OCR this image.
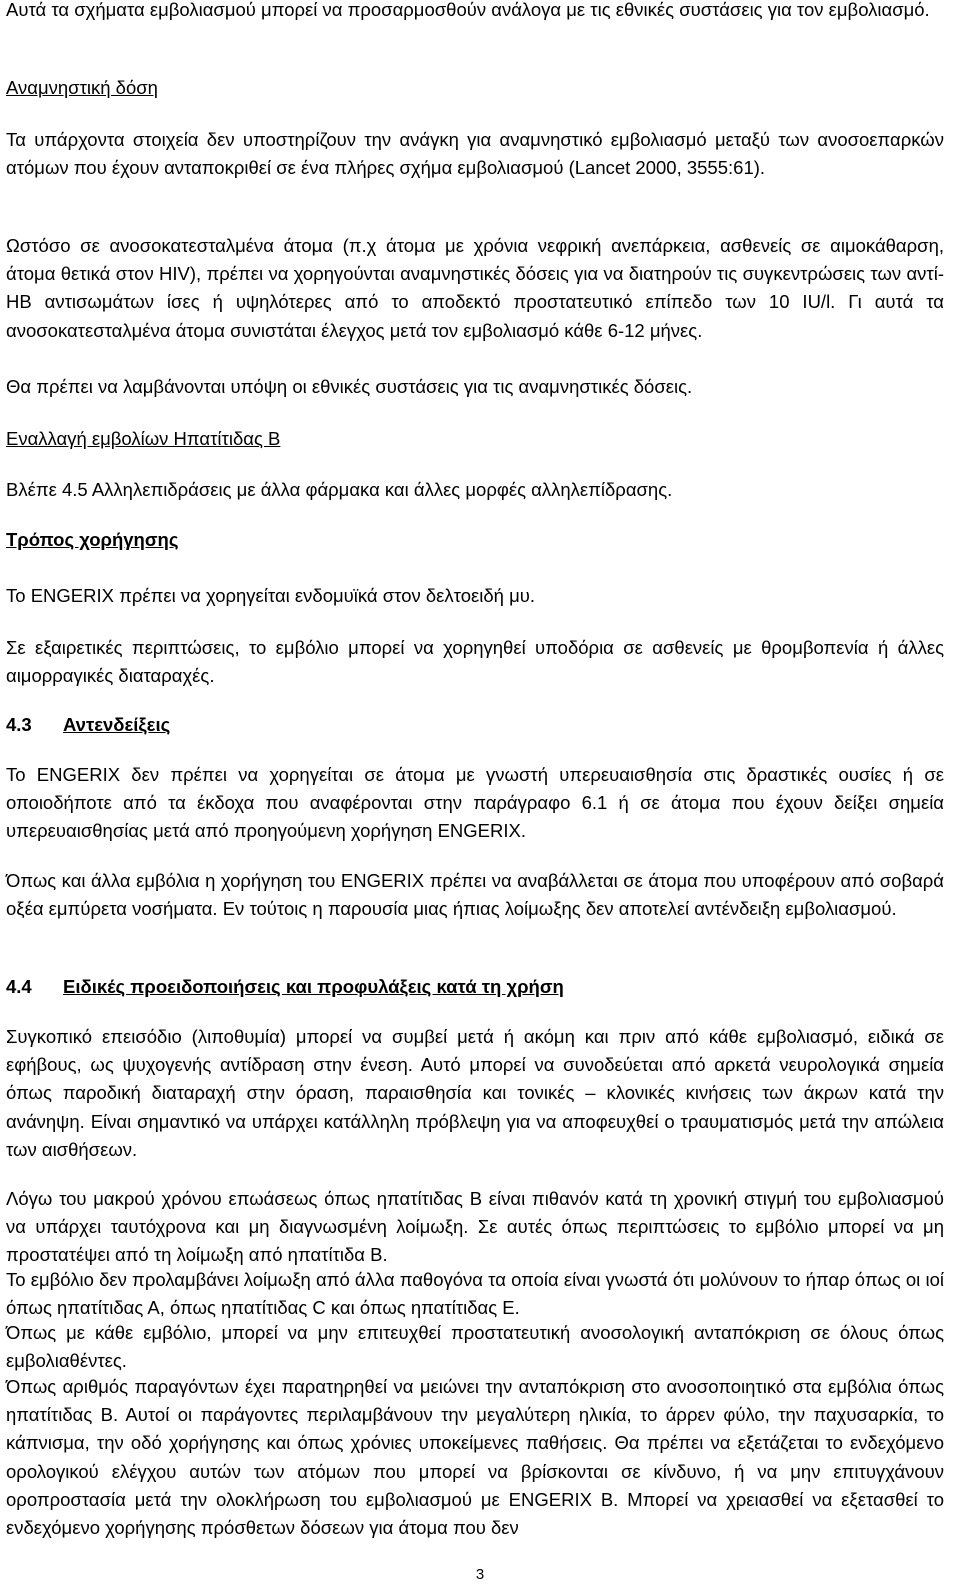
Αυτά τα σχήματα εμβολιασμού μπορεί να προσαρμοσθούν ανάλογα με τις εθνικές συστάσεις για τον εμβολιασμό.

Αναμνηστική δόση

Τα υπάρχοντα στοιχεία δεν υποστηρίζουν την ανάγκη για αναμνηστικό εμβολιασμό μεταξύ των ανοσοεπαρκών ατόμων που έχουν ανταποκριθεί σε ένα πλήρες σχήμα εμβολιασμού (Lancet 2000, 3555:61).

Ωστόσο σε ανοσοκατεσταλμένα άτομα (π.χ άτομα με χρόνια νεφρική ανεπάρκεια, ασθενείς σε αιμοκάθαρση, άτομα θετικά στον HIV), πρέπει να χορηγούνται αναμνηστικές δόσεις για να διατηρούν τις συγκεντρώσεις των αντί-HB αντισωμάτων ίσες ή υψηλότερες από το αποδεκτό προστατευτικό επίπεδο των 10 IU/l. Γι αυτά τα ανοσοκατεσταλμένα άτομα συνιστάται έλεγχος μετά τον εμβολιασμό κάθε 6-12 μήνες.

Θα πρέπει να λαμβάνονται υπόψη οι εθνικές συστάσεις για τις αναμνηστικές δόσεις.

Εναλλαγή εμβολίων Ηπατίτιδας Β

Βλέπε 4.5 Αλληλεπιδράσεις με άλλα φάρμακα και άλλες μορφές αλληλεπίδρασης.

Τρόπος χορήγησης

Το ENGERIX πρέπει να χορηγείται ενδομυϊκά στον δελτοειδή μυ.

Σε εξαιρετικές περιπτώσεις, το εμβόλιο μπορεί να χορηγηθεί υποδόρια σε ασθενείς με θρομβοπενία ή άλλες αιμορραγικές διαταραχές.

4.3 Αντενδείξεις

Το ENGERIX δεν πρέπει να χορηγείται σε άτομα με γνωστή υπερευαισθησία στις δραστικές ουσίες ή σε οποιοδήποτε από τα έκδοχα που αναφέρονται στην παράγραφο 6.1 ή σε άτομα που έχουν δείξει σημεία υπερευαισθησίας μετά από προηγούμενη χορήγηση ENGERIX.

Όπως και άλλα εμβόλια η χορήγηση του ENGERIX πρέπει να αναβάλλεται σε άτομα που υποφέρουν από σοβαρά οξέα εμπύρετα νοσήματα. Εν τούτοις η παρουσία μιας ήπιας λοίμωξης δεν αποτελεί αντένδειξη εμβολιασμού.

4.4 Ειδικές προειδοποιήσεις και προφυλάξεις κατά τη χρήση

Συγκοπικό επεισόδιο (λιποθυμία) μπορεί να συμβεί μετά ή ακόμη και πριν από κάθε εμβολιασμό, ειδικά σε εφήβους, ως ψυχογενής αντίδραση στην ένεση. Αυτό μπορεί να συνοδεύεται από αρκετά νευρολογικά σημεία όπως παροδική διαταραχή στην όραση, παραισθησία και τονικές – κλονικές κινήσεις των άκρων κατά την ανάνηψη. Είναι σημαντικό να υπάρχει κατάλληλη πρόβλεψη για να αποφευχθεί ο τραυματισμός μετά την απώλεια των αισθήσεων.

Λόγω του μακρού χρόνου επωάσεως όπως ηπατίτιδας Β είναι πιθανόν κατά τη χρονική στιγμή του εμβολιασμού να υπάρχει ταυτόχρονα και μη διαγνωσμένη λοίμωξη. Σε αυτές όπως περιπτώσεις το εμβόλιο μπορεί να μη προστατέψει από τη λοίμωξη από ηπατίτιδα Β.

Το εμβόλιο δεν προλαμβάνει λοίμωξη από άλλα παθογόνα τα οποία είναι γνωστά ότι μολύνουν το ήπαρ όπως οι ιοί όπως ηπατίτιδας Α, όπως ηπατίτιδας C και όπως ηπατίτιδας Ε.

Όπως με κάθε εμβόλιο, μπορεί να μην επιτευχθεί προστατευτική ανοσολογική ανταπόκριση σε όλους όπως εμβολιαθέντες.

Όπως αριθμός παραγόντων έχει παρατηρηθεί να μειώνει την ανταπόκριση στο ανοσοποιητικό στα εμβόλια όπως ηπατίτιδας Β. Αυτοί οι παράγοντες περιλαμβάνουν την μεγαλύτερη ηλικία, το άρρεν φύλο, την παχυσαρκία, το κάπνισμα, την οδό χορήγησης και όπως χρόνιες υποκείμενες παθήσεις. Θα πρέπει να εξετάζεται το ενδεχόμενο ορολογικού ελέγχου αυτών των ατόμων που μπορεί να βρίσκονται σε κίνδυνο, ή να μην επιτυγχάνουν οροπροστασία μετά την ολοκλήρωση του εμβολιασμού με ENGERIX B. Μπορεί να χρειασθεί να εξετασθεί το ενδεχόμενο χορήγησης πρόσθετων δόσεων για άτομα που δεν

3
